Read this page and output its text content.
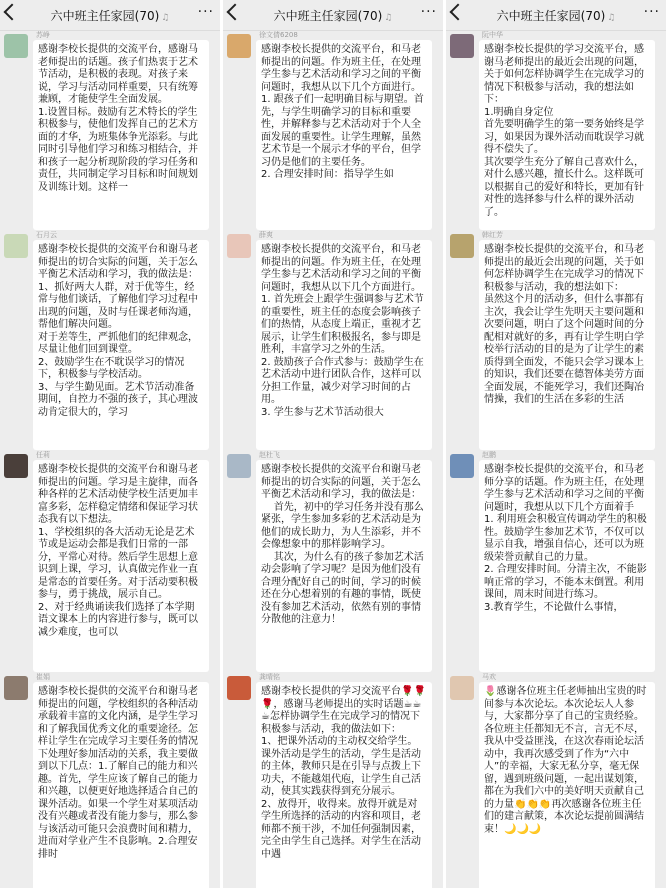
六中班主任家园(70) ♫	···
苏峥
感谢李校长提供的交流平台，感谢马老师提出的话题。孩子们热衷于艺术节活动，是积极的表现。对孩子来说，学习与活动同样重要，只有统筹兼顾，才能使学生全面发展。
1.设置目标。鼓励有艺术特长的学生积极参与，使他们发挥自己的艺术方面的才华，为班集体争光添彩。与此同时引导他们学习和练习相结合，并和孩子一起分析现阶段的学习任务和责任，共同制定学习目标和时间规划及训练计划。这样一
石月云
感谢李校长提供的交流平台和谢马老师提出的切合实际的问题，关于怎么平衡艺术活动和学习，我的做法是：
1、抓好两大人群，对于优等生，经常与他们谈话，了解他们学习过程中出现的问题，及时与任课老师沟通，帮他们解决问题。
对于差等生，严抓他们的纪律观念，尽量让他们回到课堂。
2、鼓励学生在不耽误学习的情况下，积极参与学校活动。
3、与学生勤见面。艺术节活动准备期间，自控力不强的孩子，其心理波动肯定很大的，学习
任莉
感谢李校长提供的交流平台和谢马老师提出的问题。学习是主旋律，而各种各样的艺术活动使学校生活更加丰富多彩，怎样稳定情绪和保证学习状态我有以下想法。
1、学校组织的各大活动无论是艺术节或是运动会都是我们日常的一部分，平常心对待。然后学生思想上意识到上课，学习，认真做完作业一直是常态的首要任务。对于活动要积极参与，勇于挑战，展示自己。
2、对于经典诵读我们选择了本学期语文课本上的内容进行参与，既可以减少难度，也可以
崔娟
感谢李校长提供的交流平台和谢马老师提出的问题，学校组织的各种活动承载着丰富的文化内涵，是学生学习和了解我国优秀文化的重要途径。怎样让学生在完成学习主要任务的情况下处理好参加活动的关系，我主要做到以下几点：1.了解自己的能力和兴趣。首先，学生应该了解自己的能力和兴趣，以便更好地选择适合自己的课外活动。如果一个学生对某项活动没有兴趣或者没有能力参与，那么参与该活动可能只会浪费时间和精力，进而对学业产生不良影响。2.合理安排时
六中班主任家园(70) ♫	···
徐文倩6208
感谢李校长提供的交流平台，和马老师提出的问题。作为班主任，在处理学生参与艺术活动和学习之间的平衡问题时，我想从以下几个方面进行。
1. 跟孩子们一起明确目标与期望。首先，与学生明确学习的目标和重要性，并解释参与艺术活动对于个人全面发展的重要性。让学生理解，虽然艺术节是一个展示才华的平台，但学习仍是他们的主要任务。
2. 合理安排时间：指导学生如
薛爽
感谢李校长提供的交流平台，和马老师提出的问题。作为班主任，在处理学生参与艺术活动和学习之间的平衡问题时，我想从以下几个方面进行。
1. 首先班会上跟学生强调参与艺术节的重要性，班主任的态度会影响孩子们的热情，从态度上端正，重视才艺展示，让学生们积极报名，参与即是胜利，丰富学习之外的生活。
2. 鼓励孩子合作式参与：鼓励学生在艺术活动中进行团队合作，这样可以分担工作量，减少对学习时间的占用。
3. 学生参与艺术节活动很大
赵杜飞
感谢李校长提供的交流平台和谢马老师提出的切合实际的问题，关于怎么平衡艺术活动和学习，我的做法是：
首先，初中的学习任务并没有那么紧张，学生参加多彩的艺术活动是为他们的成长助力，为人生添彩，并不会像想象中的那样影响学习。
其次，为什么有的孩子参加艺术活动会影响了学习呢？是因为他们没有合理分配好自己的时间，学习的时候还在分心想着别的有趣的事情，既使没有参加艺术活动，依然有别的事情分散他的注意力！
龚晴铭
感谢李校长提供的学习交流平台🌹🌹🌹，感谢马老师提出的实时话题☕☕☕怎样协调学生在完成学习的情况下积极参与活动，我的做法如下：
1、把课外活动的主动权交给学生。课外活动是学生的活动，学生是活动的主体，教师只是在引导与点拨上下功夫，不能越俎代庖，让学生自己活动，使其实践获得到充分展示。
2、放得开，收得来。放得开就是对学生所选择的活动的内容和项目，老师都不预干涉，不加任何强制因素，完全由学生自己选择。对学生在活动中遇
六中班主任家园(70) ♫	···
阮中华
感谢李校长提供的学习交流平台，感谢马老师提出的最近会出现的问题，关于如何怎样协调学生在完成学习的情况下积极参与活动，我的想法如下：
1.明确自身定位
首先要明确学生的第一要务始终是学习，如果因为课外活动而耽误学习就得不偿失了。
其次要学生充分了解自己喜欢什么，对什么感兴趣，擅长什么。这样既可以根据自己的爱好和特长，更加有针对性的选择参与什么样的课外活动了。
韩红芳
感谢李校长提供的交流平台，和马老师提出的最近会出现的问题，关于如何怎样协调学生在完成学习的情况下积极参与活动，我的想法如下：
虽然这个月的活动多，但什么事都有主次，我会让学生先明天主要问题和次要问题，明白了这个问题时间的分配相对就好的多，再有让学生明白学校举行活动的目的是为了让学生的素质得到全面发，不能只会学习课本上的知识，我们还要在德智体美劳方面全面发展，不能死学习，我们还陶冶情操，我们的生活在多彩的生活
赵鹏
感谢李校长提供的交流平台，和马老师分享的话题。作为班主任，在处理学生参与艺术活动和学习之间的平衡问题时，我想从以下几个方面着手
1. 利用班会积极宣传调动学生的积极性。鼓励学生参加艺术节，不仅可以显示自我，增强自信心，还可以为班级荣誉贡献自己的力量。
2. 合理安排时间。分清主次，不能影响正常的学习，不能本末倒置。利用课间，周末时间进行练习。
3.教育学生，不论做什么事情，
马欢
🌷感谢各位班主任老师抽出宝贵的时间参与本次论坛。本次论坛人人参与，大家都分享了自己的宝贵经验。各位班主任都知无不言，言无不尽，我从中受益匪浅，在这次春雨论坛活动中，我再次感受到了作为“六中人”的幸福，大家无私分享，毫无保留，遇到班级问题，一起出谋划策，都在为我们六中的美好明天贡献自己的力量👏👏👏再次感谢各位班主任们的建言献策，本次论坛提前圆满结束！🌙🌙🌙
